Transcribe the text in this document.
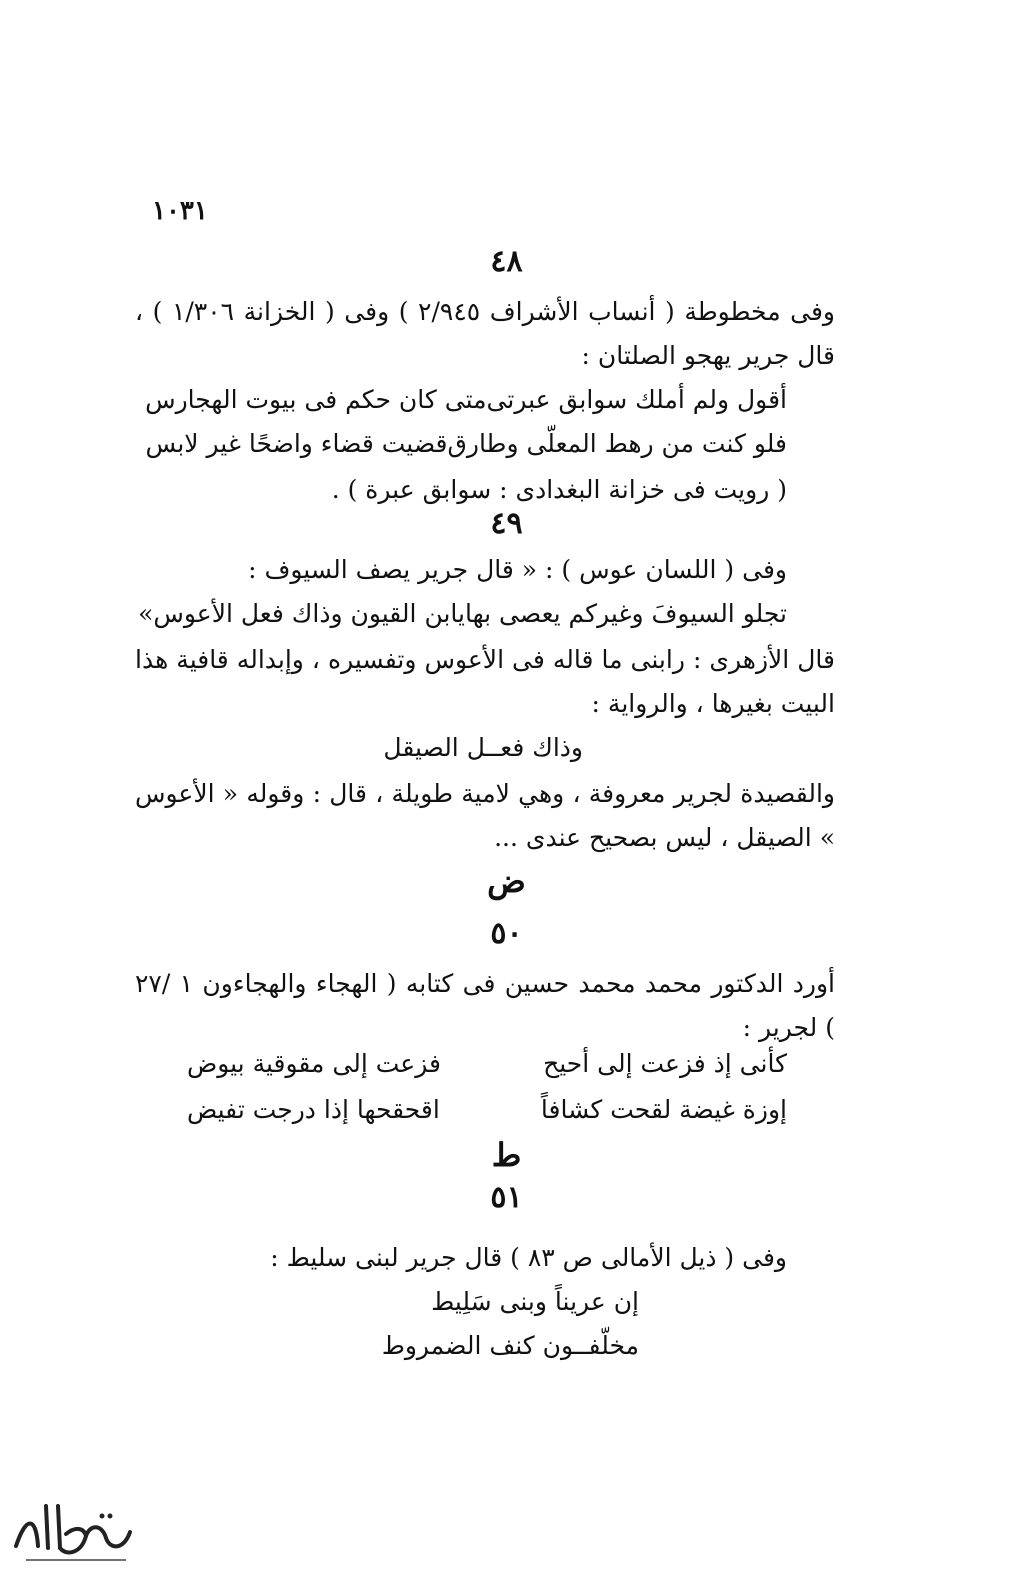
١٠٣١
٤٨
وفى مخطوطة ( أنساب الأشراف ٢/٩٤٥ ) وفى ( الخزانة ١/٣٠٦ ) ، قال جرير يهجو الصلتان :
أقول ولم أملك سوابق عبرتى
متى كان حكم فى بيوت الهجارس
فلو كنت من رهط المعلّى وطارق
قضيت قضاء واضحًا غير لابس
( رويت فى خزانة البغدادى : سوابق عبرة ) .
٤٩
وفى ( اللسان عوس ) : « قال جرير يصف السيوف :
تجلو السيوفَ وغيركم يعصى بها
يابن القيون وذاك فعل الأعوس»
قال الأزهرى : رابنى ما قاله فى الأعوس وتفسيره ، وإبداله قافية هذا البيت بغيرها ، والرواية :
وذاك فعــل الصيقل
والقصيدة لجرير معروفة ، وهي لامية طويلة ، قال : وقوله « الأعوس » الصيقل ، ليس بصحيح عندى ...
ض
٥٠
أورد الدكتور محمد محمد حسين فى كتابه ( الهجاء والهجاءون ١ /٢٧ ) لجرير :
كأنى إذ فزعت إلى أحيح
فزعت إلى مقوقية بيوض
إوزة غيضة لقحت كشافاً
اقحقحها إذا درجت تفيض
ط
٥١
وفى ( ذيل الأمالى ص ٨٣ ) قال جرير لبنى سليط :
إن عريناً وبنى سَلِيط
مخلّفــون كنف الضمروط
